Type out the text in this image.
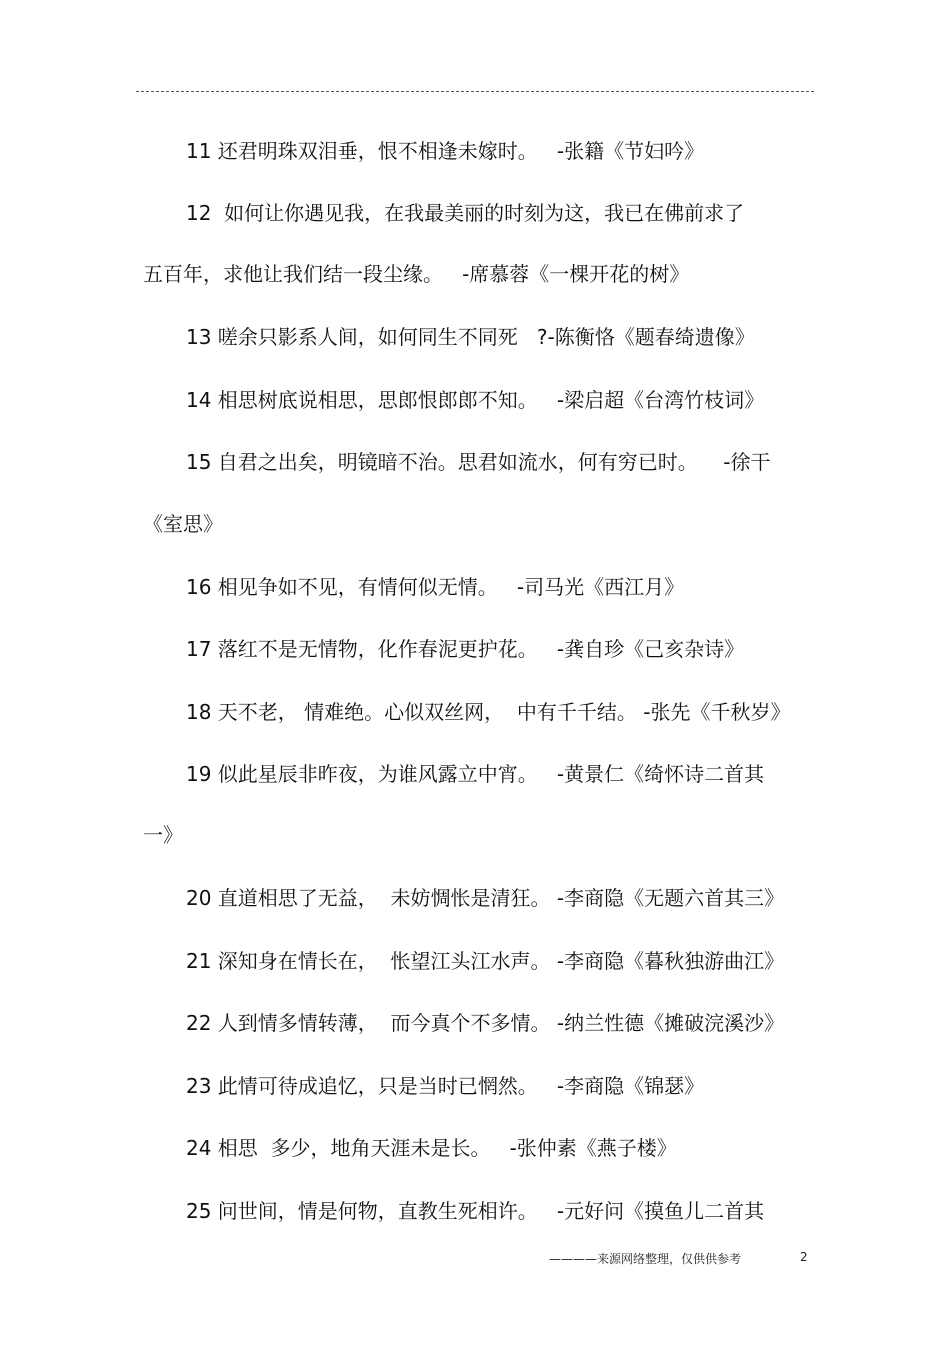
11 还君明珠双泪垂，恨不相逢未嫁时。   -张籍《节妇吟》
12  如何让你遇见我，在我最美丽的时刻为这，我已在佛前求了
五百年，求他让我们结一段尘缘。   -席慕蓉《一棵开花的树》
13 嗟余只影系人间，如何同生不同死   ?-陈衡恪《题春绮遗像》
14 相思树底说相思，思郎恨郎郎不知。   -梁启超《台湾竹枝词》
15 自君之出矣，明镜暗不治。思君如流水，何有穷已时。    -徐干
《室思》
16 相见争如不见，有情何似无情。   -司马光《西江月》
17 落红不是无情物，化作春泥更护花。   -龚自珍《己亥杂诗》
18 天不老， 情难绝。心似双丝网，  中有千千结。 -张先《千秋岁》
19 似此星辰非昨夜，为谁风露立中宵。   -黄景仁《绮怀诗二首其
一》
20 直道相思了无益，  未妨惆怅是清狂。 -李商隐《无题六首其三》
21 深知身在情长在，  怅望江头江水声。 -李商隐《暮秋独游曲江》
22 人到情多情转薄，  而今真个不多情。 -纳兰性德《摊破浣溪沙》
23 此情可待成追忆，只是当时已惘然。   -李商隐《锦瑟》
24 相思  多少，地角天涯未是长。   -张仲素《燕子楼》
25 问世间，情是何物，直教生死相许。   -元好问《摸鱼儿二首其
————来源网络整理，仅供供参考	2
